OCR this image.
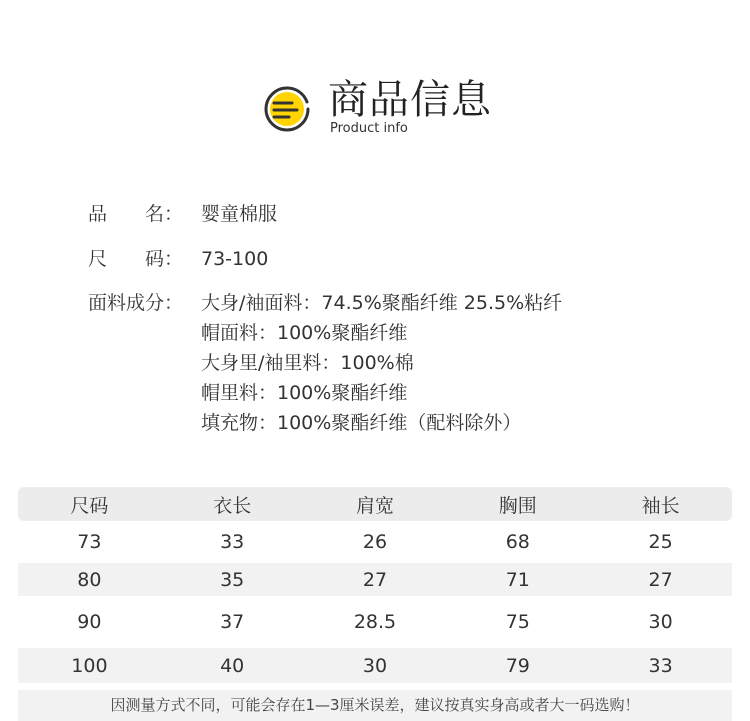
商品信息
Product info
品 名： 婴童棉服
尺 码： 73-100
面料成分： 大身/袖面料：74.5%聚酯纤维 25.5%粘纤
帽面料：100%聚酯纤维
大身里/袖里料：100%棉
帽里料：100%聚酯纤维
填充物：100%聚酯纤维（配料除外）
尺码	衣长	肩宽	胸围	袖长
73	33	26	68	25
80	35	27	71	27
90	37	28.5	75	30
100	40	30	79	33
因测量方式不同，可能会存在1—3厘米误差，建议按真实身高或者大一码选购！
